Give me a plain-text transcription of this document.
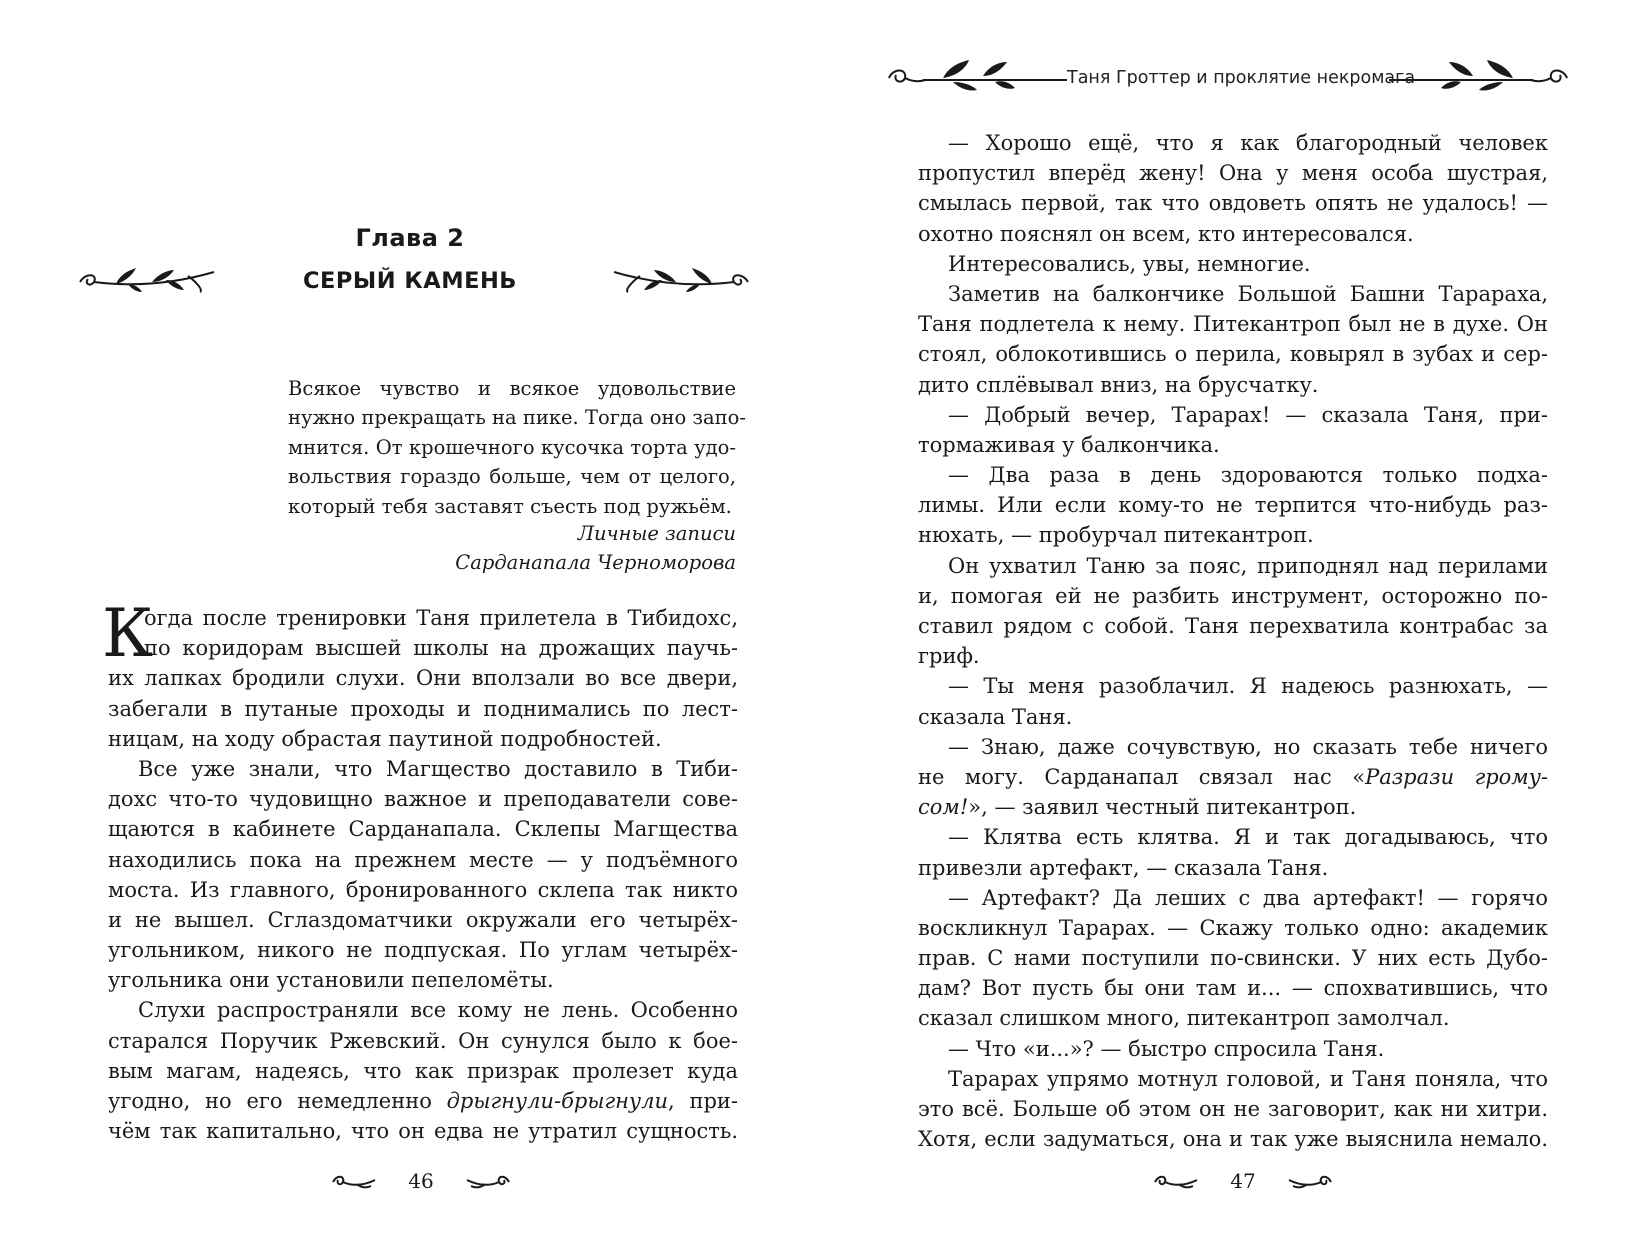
Глава 2
СЕРЫЙ КАМЕНЬ
Всякое чувство и всякое удовольствие
нужно прекращать на пике. Тогда оно запо-
мнится. От крошечного кусочка торта удо-
вольствия гораздо больше, чем от целого,
который тебя заставят съесть под ружьём.
Личные записи
Сарданапала Черноморова
К
огда после тренировки Таня прилетела в Тибидохс,
по коридорам высшей школы на дрожащих паучь-
их лапках бродили слухи. Они вползали во все двери,
забегали в путаные проходы и поднимались по лест-
ницам, на ходу обрастая паутиной подробностей.
Все уже знали, что Магщество доставило в Тиби-
дохс что-то чудовищно важное и преподаватели сове-
щаются в кабинете Сарданапала. Склепы Магщества
находились пока на прежнем месте — у подъёмного
моста. Из главного, бронированного склепа так никто
и не вышел. Сглаздоматчики окружали его четырёх-
угольником, никого не подпуская. По углам четырёх-
угольника они установили пепеломёты.
Слухи распространяли все кому не лень. Особенно
старался Поручик Ржевский. Он сунулся было к бое-
вым магам, надеясь, что как призрак пролезет куда
угодно, но его немедленно дрыгнули-брыгнули, при-
чём так капитально, что он едва не утратил сущность.
46
Таня Гроттер и проклятие некромага
— Хорошо ещё, что я как благородный человек
пропустил вперёд жену! Она у меня особа шустрая,
смылась первой, так что овдоветь опять не удалось! —
охотно пояснял он всем, кто интересовался.
Интересовались, увы, немногие.
Заметив на балкончике Большой Башни Тарараха,
Таня подлетела к нему. Питекантроп был не в духе. Он
стоял, облокотившись о перила, ковырял в зубах и сер-
дито сплёвывал вниз, на брусчатку.
— Добрый вечер, Тарарах! — сказала Таня, при-
тормаживая у балкончика.
— Два раза в день здороваются только подха-
лимы. Или если кому-то не терпится что-нибудь раз-
нюхать, — пробурчал питекантроп.
Он ухватил Таню за пояс, приподнял над перилами
и, помогая ей не разбить инструмент, осторожно по-
ставил рядом с собой. Таня перехватила контрабас за
гриф.
— Ты меня разоблачил. Я надеюсь разнюхать, —
сказала Таня.
— Знаю, даже сочувствую, но сказать тебе ничего
не могу. Сарданапал связал нас «Разрази грому-
сом!», — заявил честный питекантроп.
— Клятва есть клятва. Я и так догадываюсь, что
привезли артефакт, — сказала Таня.
— Артефакт? Да леших с два артефакт! — горячо
воскликнул Тарарах. — Скажу только одно: академик
прав. С нами поступили по-свински. У них есть Дубо-
дам? Вот пусть бы они там и... — спохватившись, что
сказал слишком много, питекантроп замолчал.
— Что «и...»? — быстро спросила Таня.
Тарарах упрямо мотнул головой, и Таня поняла, что
это всё. Больше об этом он не заговорит, как ни хитри.
Хотя, если задуматься, она и так уже выяснила немало.
47
